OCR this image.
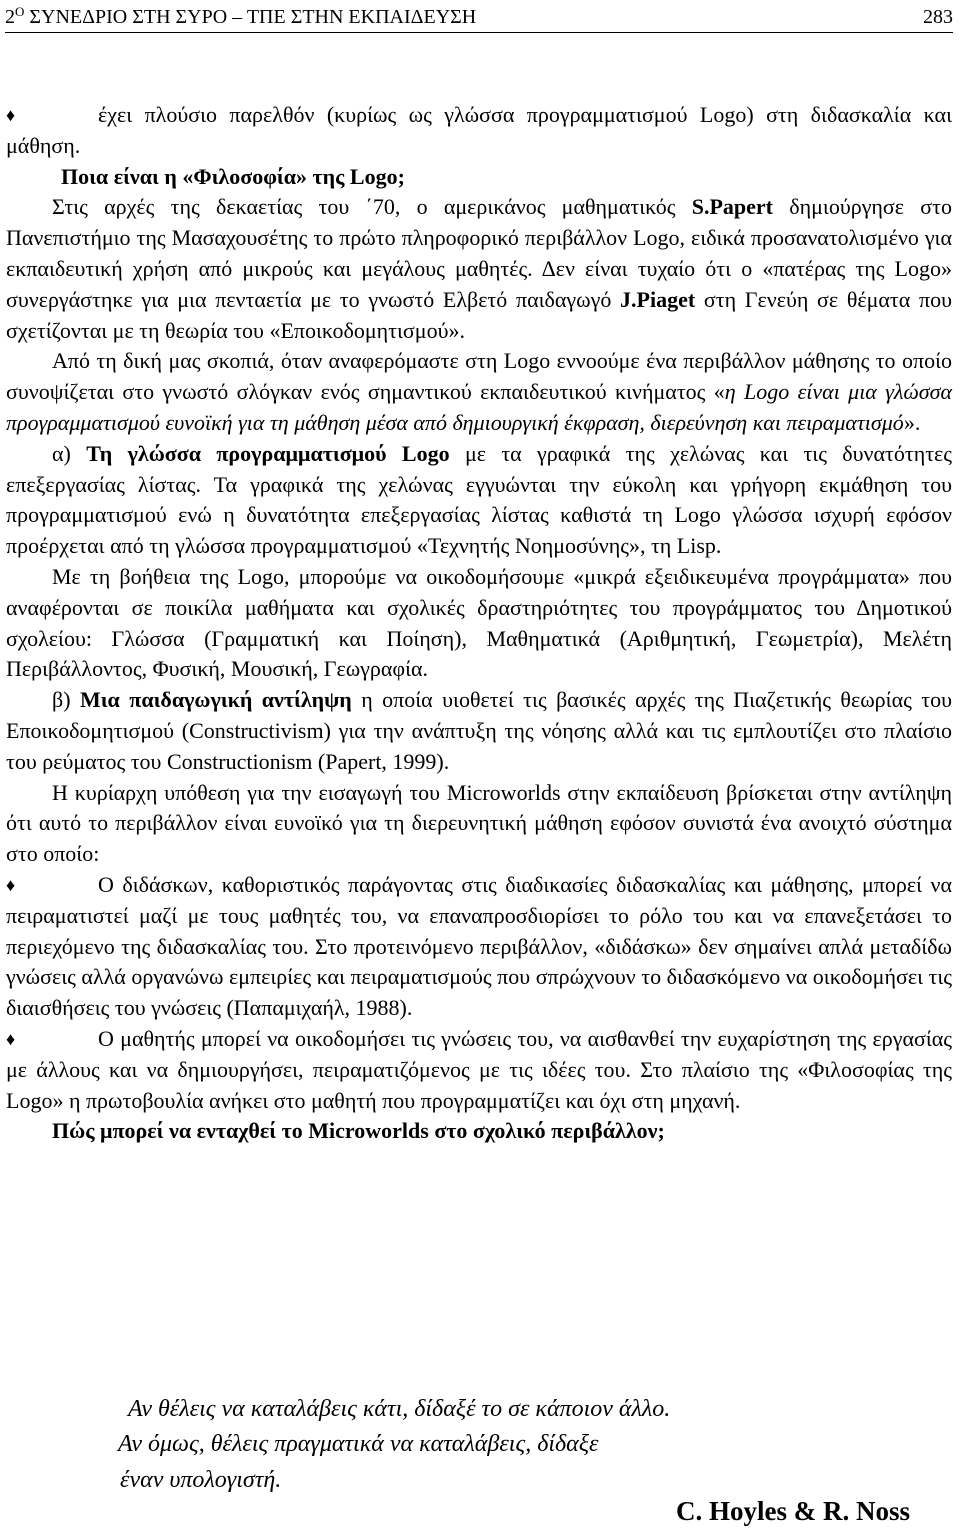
$2^O$ ΣΥΝΕΔΡΙΟ ΣΤΗ ΣΥΡΟ – ΤΠΕ ΣΤΗΝ ΕΚΠΑΙΔΕΥΣΗ	283

♦	έχει πλούσιο παρελθόν (κυρίως ως γλώσσα προγραμματισμού Logo) στη διδασκαλία και μάθηση.

Ποια είναι η «Φιλοσοφία» της Logo;

Στις αρχές της δεκαετίας του ΄70, ο αμερικάνος μαθηματικός S.Papert δημιούργησε στο Πανεπιστήμιο της Μασαχουσέτης το πρώτο πληροφορικό περιβάλλον Logo, ειδικά προσανατολισμένο για εκπαιδευτική χρήση από μικρούς και μεγάλους μαθητές. Δεν είναι τυχαίο ότι ο «πατέρας της Logo» συνεργάστηκε για μια πενταετία με το γνωστό Ελβετό παιδαγωγό J.Piaget στη Γενεύη σε θέματα που σχετίζονται με τη θεωρία του «Εποικοδομητισμού».

Από τη δική μας σκοπιά, όταν αναφερόμαστε στη Logo εννοούμε ένα περιβάλλον μάθησης το οποίο συνοψίζεται στο γνωστό σλόγκαν ενός σημαντικού εκπαιδευτικού κινήματος «η Logo είναι μια γλώσσα προγραμματισμού ευνοϊκή για τη μάθηση μέσα από δημιουργική έκφραση, διερεύνηση και πειραματισμό».

α) Τη γλώσσα προγραμματισμού Logo με τα γραφικά της χελώνας και τις δυνατότητες επεξεργασίας λίστας. Τα γραφικά της χελώνας εγγυώνται την εύκολη και γρήγορη εκμάθηση του προγραμματισμού ενώ η δυνατότητα επεξεργασίας λίστας καθιστά τη Logo γλώσσα ισχυρή εφόσον προέρχεται από τη γλώσσα προγραμματισμού «Τεχνητής Νοημοσύνης», τη Lisp.

Με τη βοήθεια της Logo, μπορούμε να οικοδομήσουμε «μικρά εξειδικευμένα προγράμματα» που αναφέρονται σε ποικίλα μαθήματα και σχολικές δραστηριότητες του προγράμματος του Δημοτικού σχολείου: Γλώσσα (Γραμματική και Ποίηση), Μαθηματικά (Αριθμητική, Γεωμετρία), Μελέτη Περιβάλλοντος, Φυσική, Μουσική, Γεωγραφία.

β) Μια παιδαγωγική αντίληψη η οποία υιοθετεί τις βασικές αρχές της Πιαζετικής θεωρίας του Εποικοδομητισμού (Constructivism) για την ανάπτυξη της νόησης αλλά και τις εμπλουτίζει στο πλαίσιο του ρεύματος του Constructionism (Papert, 1999).

Η κυρίαρχη υπόθεση για την εισαγωγή του Microworlds στην εκπαίδευση βρίσκεται στην αντίληψη ότι αυτό το περιβάλλον είναι ευνοϊκό για τη διερευνητική μάθηση εφόσον συνιστά ένα ανοιχτό σύστημα στο οποίο:

♦	Ο διδάσκων, καθοριστικός παράγοντας στις διαδικασίες διδασκαλίας και μάθησης, μπορεί να πειραματιστεί μαζί με τους μαθητές του, να επαναπροσδιορίσει το ρόλο του και να επανεξετάσει το περιεχόμενο της διδασκαλίας του. Στο προτεινόμενο περιβάλλον, «διδάσκω» δεν σημαίνει απλά μεταδίδω γνώσεις αλλά οργανώνω εμπειρίες και πειραματισμούς που σπρώχνουν το διδασκόμενο να οικοδομήσει τις διαισθήσεις του γνώσεις (Παπαμιχαήλ, 1988).

♦	Ο μαθητής μπορεί να οικοδομήσει τις γνώσεις του, να αισθανθεί την ευχαρίστηση της εργασίας με άλλους και να δημιουργήσει, πειραματιζόμενος με τις ιδέες του. Στο πλαίσιο της «Φιλοσοφίας της Logo» η πρωτοβουλία ανήκει στο μαθητή που προγραμματίζει και όχι στη μηχανή.

Πώς μπορεί να ενταχθεί το Microworlds στο σχολικό περιβάλλον;

Αν θέλεις να καταλάβεις κάτι, δίδαξέ το σε κάποιον άλλο.
Αν όμως, θέλεις πραγματικά να καταλάβεις, δίδαξε
έναν υπολογιστή.
C. Hoyles & R. Noss
